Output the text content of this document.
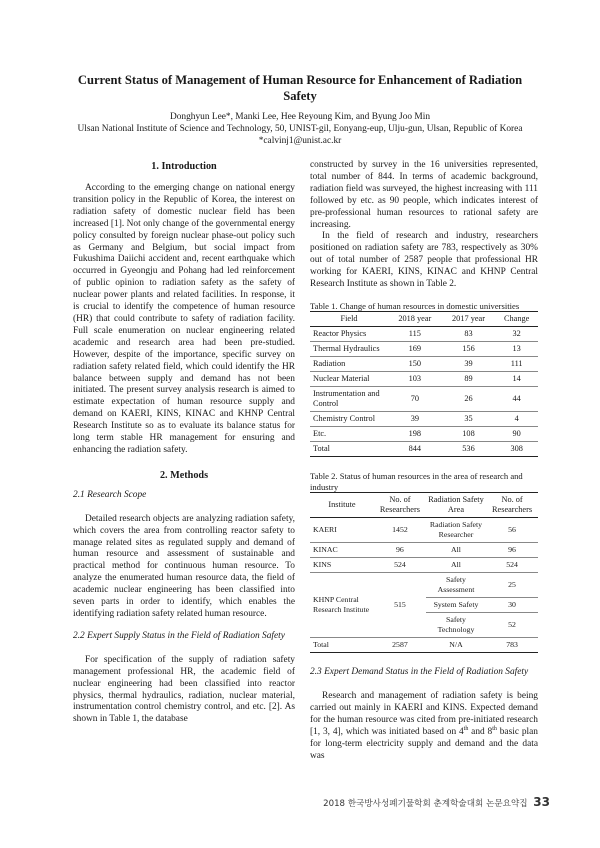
Current Status of Management of Human Resource for Enhancement of Radiation Safety
Donghyun Lee*, Manki Lee, Hee Reyoung Kim, and Byung Joo Min
Ulsan National Institute of Science and Technology, 50, UNIST-gil, Eonyang-eup, Ulju-gun, Ulsan, Republic of Korea
*calvinj1@unist.ac.kr
1. Introduction

According to the emerging change on national energy transition policy in the Republic of Korea, the interest on radiation safety of domestic nuclear field has been increased [1]. Not only change of the governmental energy policy consulted by foreign nuclear phase-out policy such as Germany and Belgium, but social impact from Fukushima Daiichi accident and, recent earthquake which occurred in Gyeongju and Pohang had led reinforcement of public opinion to radiation safety as the safety of nuclear power plants and related facilities. In response, it is crucial to identify the competence of human resource (HR) that could contribute to safety of radiation facility. Full scale enumeration on nuclear engineering related academic and research area had been pre-studied. However, despite of the importance, specific survey on radiation safety related field, which could identify the HR balance between supply and demand has not been initiated. The present survey analysis research is aimed to estimate expectation of human resource supply and demand on KAERI, KINS, KINAC and KHNP Central Research Institute so as to evaluate its balance status for long term stable HR management for ensuring and enhancing the radiation safety.

2. Methods
2.1 Research Scope

Detailed research objects are analyzing radiation safety, which covers the area from controlling reactor safety to manage related sites as regulated supply and demand of human resource and assessment of sustainable and practical method for continuous human resource. To analyze the enumerated human resource data, the field of academic nuclear engineering has been classified into seven parts in order to identify, which enables the identifying radiation safety related human resource.

2.2 Expert Supply Status in the Field of Radiation Safety

For specification of the supply of radiation safety management professional HR, the academic field of nuclear engineering had been classified into reactor physics, thermal hydraulics, radiation, nuclear material, instrumentation control chemistry control, and etc. [2]. As shown in Table 1, the database

constructed by survey in the 16 universities represented, total number of 844. In terms of academic background, radiation field was surveyed, the highest increasing with 111 followed by etc. as 90 people, which indicates interest of pre-professional human resources to rational safety are increasing.

In the field of research and industry, researchers positioned on radiation safety are 783, respectively as 30% out of total number of 2587 people that professional HR working for KAERI, KINS, KINAC and KHNP Central Research Institute as shown in Table 2.

Table 1. Change of human resources in domestic universities
Field	2018 year	2017 year	Change
Reactor Physics	115	83	32
Thermal Hydraulics	169	156	13
Radiation	150	39	111
Nuclear Material	103	89	14
Instrumentation and Control	70	26	44
Chemistry Control	39	35	4
Etc.	198	108	90
Total	844	536	308
Table 2. Status of human resources in the area of research and industry
Institute	No. of Researchers	Radiation Safety Area	No. of Researchers
KAERI	1452	Radiation Safety Researcher	56
KINAC	96	All	96
KINS	524	All	524
KHNP Central Research Institute	515	Safety Assessment	25
		System Safety	30
		Safety Technology	52
Total	2587	N/A	783
2.3 Expert Demand Status in the Field of Radiation Safety

Research and management of radiation safety is being carried out mainly in KAERI and KINS. Expected demand for the human resource was cited from pre-initiated research [1, 3, 4], which was initiated based on 4th and 8th basic plan for long-term electricity supply and demand and the data was

2018 한국방사성폐기물학회 춘계학술대회 논문요약집 33
